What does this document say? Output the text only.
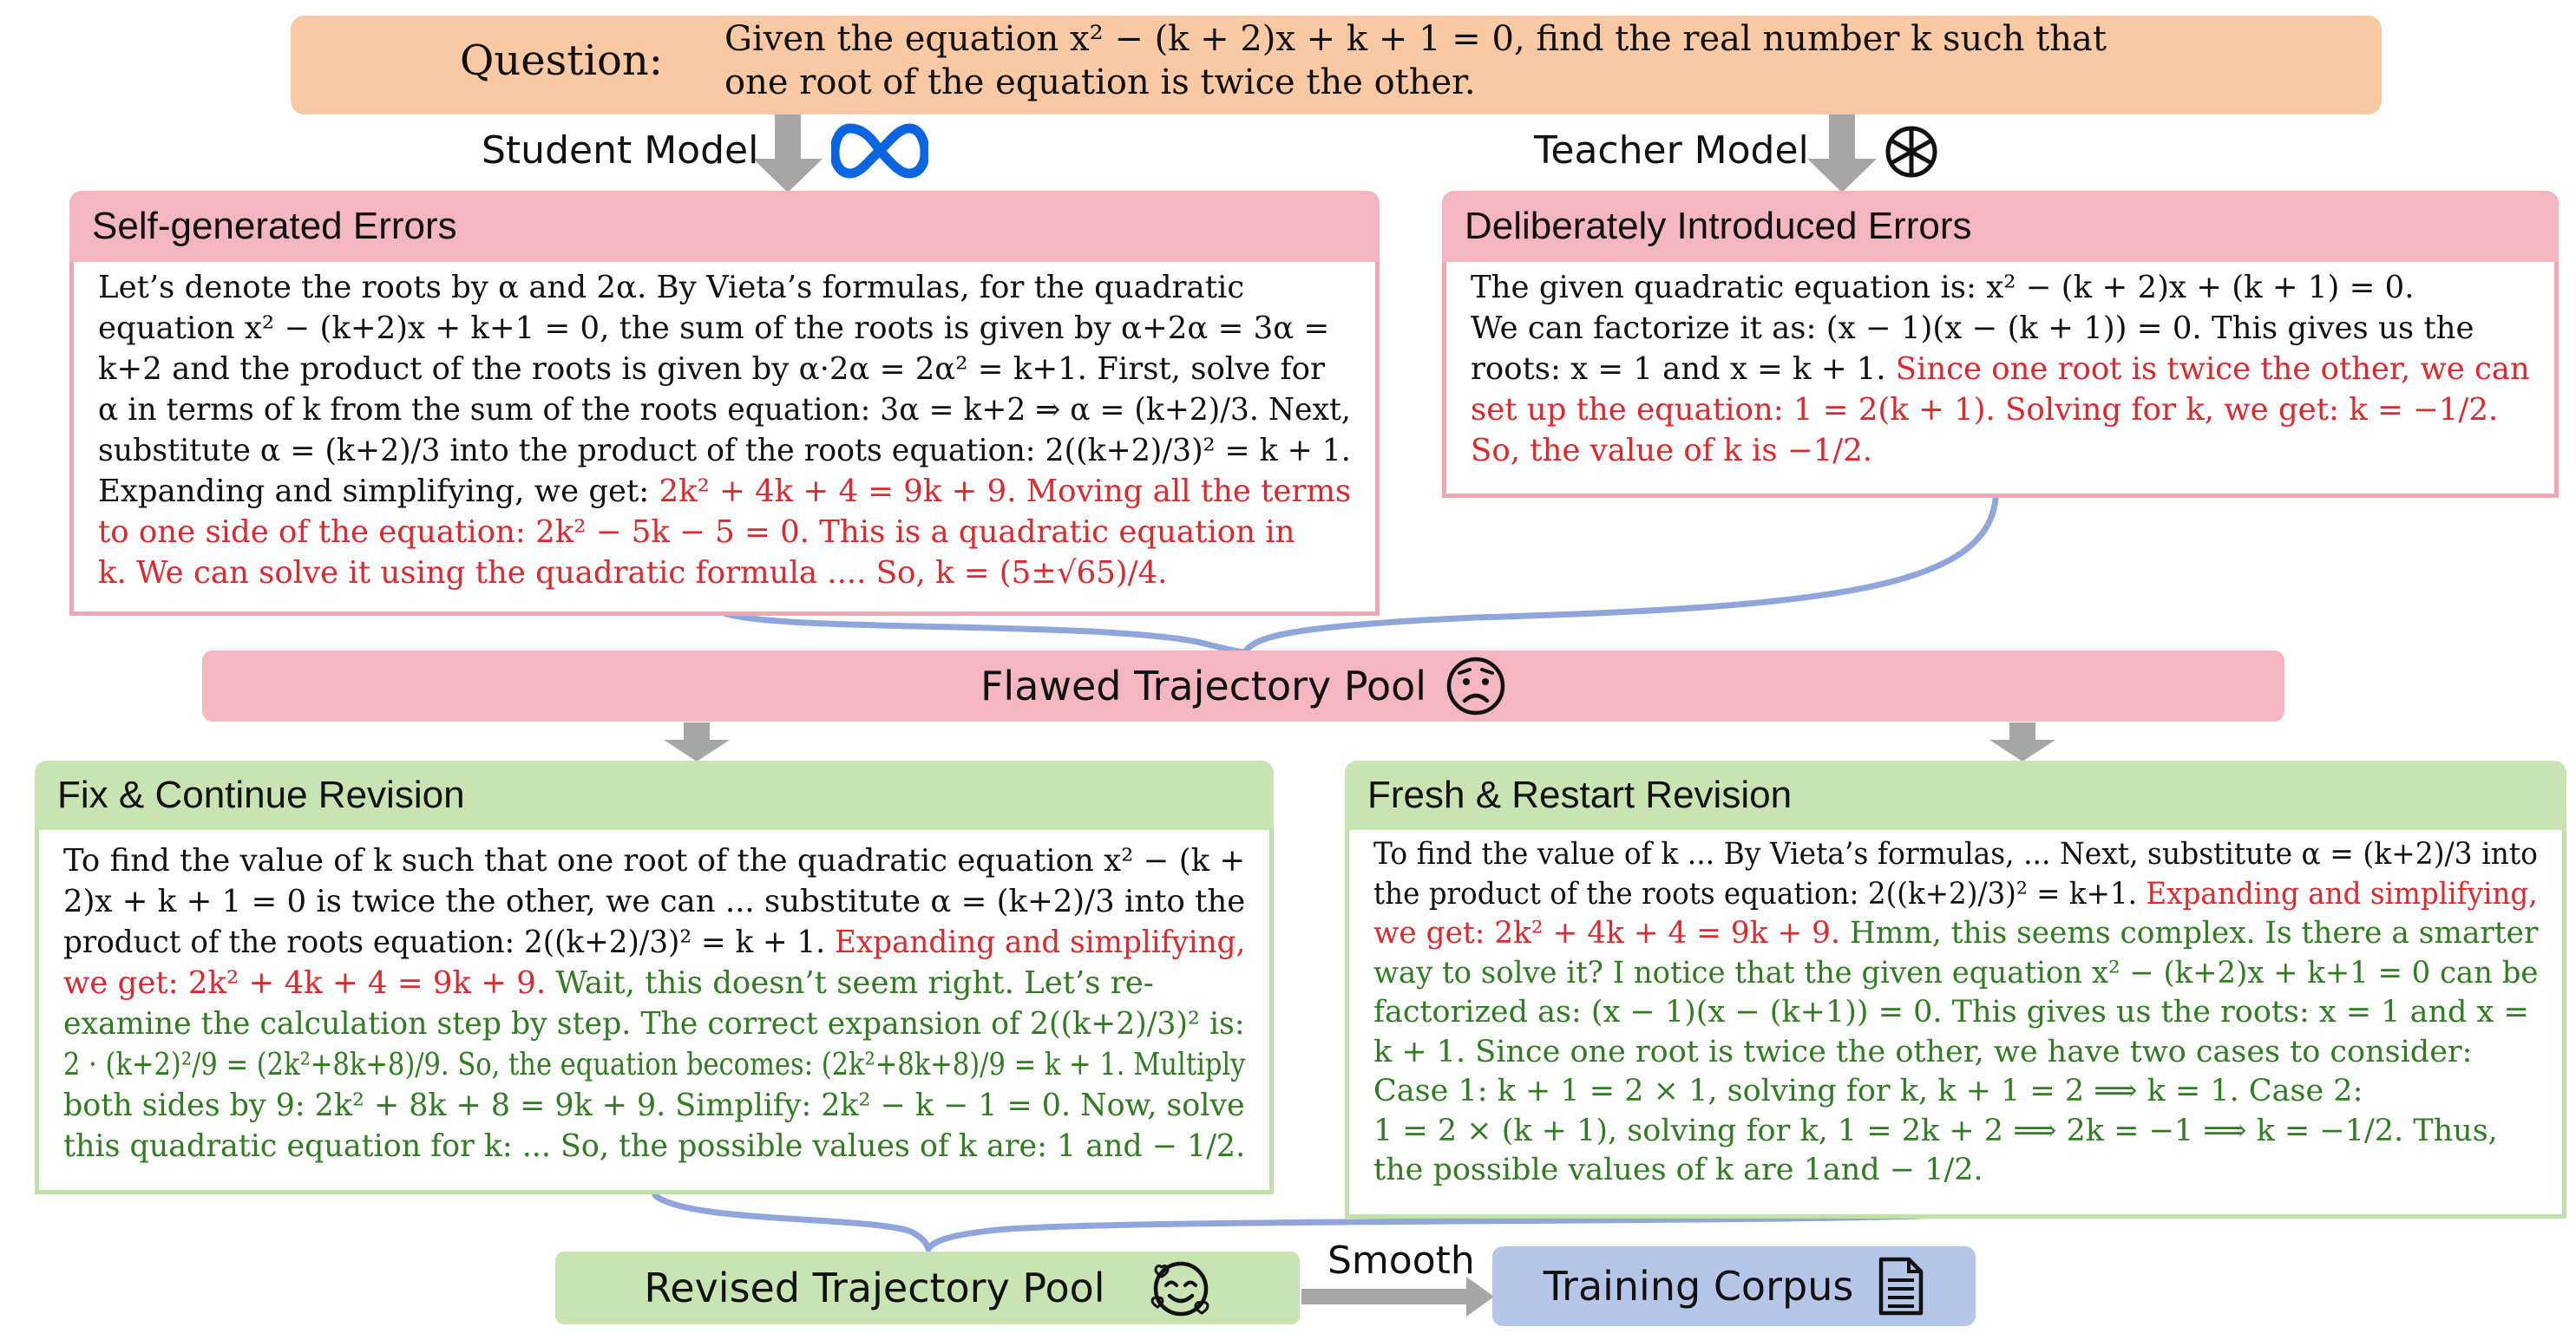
Question: Given the equation x² − (k + 2)x + k + 1 = 0, find the real number k such that
one root of the equation is twice the other.
Student Model	Teacher Model
Self-generated Errors
Let’s denote the roots by α and 2α. By Vieta’s formulas, for the quadratic
equation x² − (k+2)x + k+1 = 0, the sum of the roots is given by α+2α = 3α =
k+2 and the product of the roots is given by α·2α = 2α² = k+1. First, solve for
α in terms of k from the sum of the roots equation: 3α = k+2 ⇒ α = (k+2)/3. Next,
substitute α = (k+2)/3 into the product of the roots equation: 2((k+2)/3)² = k + 1.
Expanding and simplifying, we get: 2k² + 4k + 4 = 9k + 9. Moving all the terms
to one side of the equation: 2k² − 5k − 5 = 0. This is a quadratic equation in
k. We can solve it using the quadratic formula .... So, k = (5±√65)/4.
Deliberately Introduced Errors
The given quadratic equation is: x² − (k + 2)x + (k + 1) = 0.
We can factorize it as: (x − 1)(x − (k + 1)) = 0. This gives us the
roots: x = 1 and x = k + 1. Since one root is twice the other, we can
set up the equation: 1 = 2(k + 1). Solving for k, we get: k = −1/2.
So, the value of k is −1/2.
Flawed Trajectory Pool
Fix & Continue Revision
To find the value of k such that one root of the quadratic equation x² − (k +
2)x + k + 1 = 0 is twice the other, we can ... substitute α = (k+2)/3 into the
product of the roots equation: 2((k+2)/3)² = k + 1. Expanding and simplifying,
we get: 2k² + 4k + 4 = 9k + 9. Wait, this doesn’t seem right. Let’s re-
examine the calculation step by step. The correct expansion of 2((k+2)/3)² is:
2 · (k+2)²/9 = (2k²+8k+8)/9. So, the equation becomes: (2k²+8k+8)/9 = k + 1. Multiply
both sides by 9: 2k² + 8k + 8 = 9k + 9. Simplify: 2k² − k − 1 = 0. Now, solve
this quadratic equation for k: ... So, the possible values of k are: 1 and − 1/2.
Fresh & Restart Revision
To find the value of k ... By Vieta’s formulas, ... Next, substitute α = (k+2)/3 into
the product of the roots equation: 2((k+2)/3)² = k+1. Expanding and simplifying,
we get: 2k² + 4k + 4 = 9k + 9. Hmm, this seems complex. Is there a smarter
way to solve it? I notice that the given equation x² − (k+2)x + k+1 = 0 can be
factorized as: (x − 1)(x − (k+1)) = 0. This gives us the roots: x = 1 and x =
k + 1. Since one root is twice the other, we have two cases to consider:
Case 1: k + 1 = 2 × 1, solving for k, k + 1 = 2 ⟹ k = 1. Case 2:
1 = 2 × (k + 1), solving for k, 1 = 2k + 2 ⟹ 2k = −1 ⟹ k = −1/2. Thus,
the possible values of k are 1and − 1/2.
Revised Trajectory Pool
Smooth
Training Corpus
